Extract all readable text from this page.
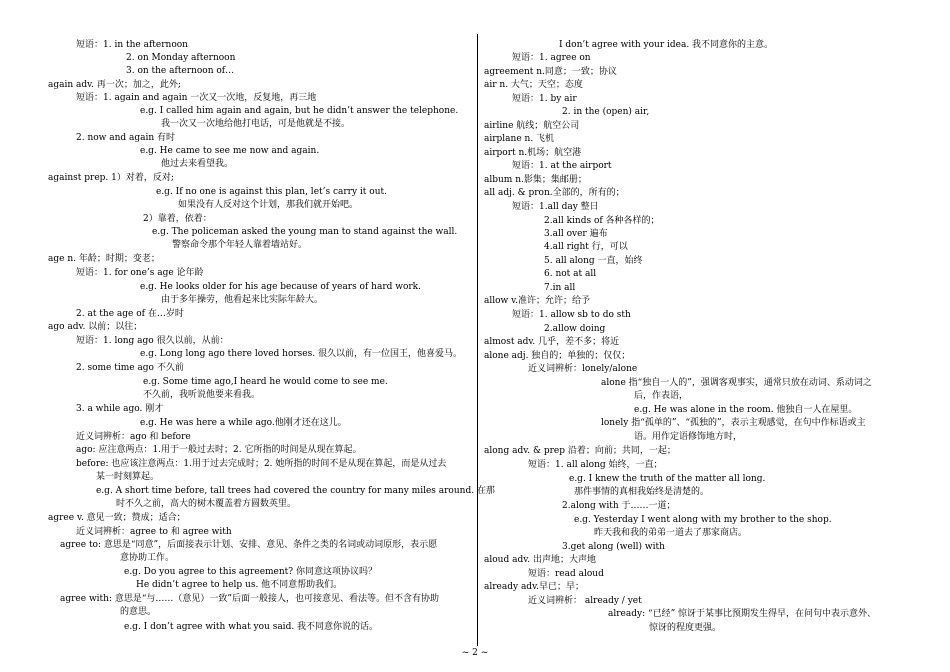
短语：1. in the afternoon
2. on Monday afternoon
3. on the afternoon of…
again adv. 再一次；加之，此外;
短语：1. again and again 一次又一次地，反复地，再三地
e.g. I called him again and again, but he didn’t answer the telephone.
我一次又一次地给他打电话，可是他就是不接。
2. now and again 有时
e.g. He came to see me now and again.
他过去来看望我。
against prep. 1）对着，反对;
e.g. If no one is against this plan, let’s carry it out.
如果没有人反对这个计划，那我们就开始吧。
2）靠着，依着：
e.g. The policeman asked the young man to stand against the wall.
警察命令那个年轻人靠着墙站好。
age n. 年龄；时期；变老；
短语：1. for one’s age 论年龄
e.g. He looks older for his age because of years of hard work.
由于多年操劳，他看起来比实际年龄大。
2. at the age of 在…岁时
ago adv. 以前；以往；
短语：1. long ago 很久以前，从前：
e.g. Long long ago there loved horses. 很久以前，有一位国王，他喜爱马。
2. some time ago 不久前
e.g. Some time ago,I heard he would come to see me.
不久前，我听说他要来看我。
3. a while ago. 刚才
e.g. He was here a while ago.他刚才还在这儿。
近义词辨析：ago 和 before
ago: 应注意两点：1.用于一般过去时；2. 它所指的时间是从现在算起。
before: 也应该注意两点：1.用于过去完成时；2. 她所指的时间不是从现在算起，而是从过去
某一时刻算起。
e.g. A short time before, tall trees had covered the country for many miles around. 在那
时不久之前，高大的树木覆盖着方圆数英里。
agree v. 意见一致；赞成；适合；
近义词辨析：agree to 和 agree with
agree to: 意思是“同意”，后面接表示计划、安排、意见、条件之类的名词或动词原形，表示愿
意协助工作。
e.g. Do you agree to this agreement? 你同意这项协议吗？
He didn’t agree to help us. 他不同意帮助我们。
agree with: 意思是“与……（意见）一致”后面一般接人，也可接意见、看法等。但不含有协助
的意思。
e.g. I don’t agree with what you said. 我不同意你说的话。
I don’t agree with your idea. 我不同意你的主意。
短语：1. agree on
agreement n.同意；一致；协议
air n. 大气；天空；态度
短语：1. by air
2. in the (open) air,
airline 航线；航空公司
airplane n. 飞机
airport n.机场；航空港
短语：1. at the airport
album n.影集；集邮册；
all adj. & pron.全部的，所有的；
短语：1.all day 整日
2.all kinds of 各种各样的；
3.all over 遍布
4.all right 行，可以
5. all along 一直，始终
6. not at all
7.in all
allow v.准许；允许；给予
短语：1. allow sb to do sth
2.allow doing
almost adv. 几乎，差不多；将近
alone adj. 独自的；单独的；仅仅；
近义词辨析：lonely/alone
alone 指“独自一人的”，强调客观事实，通常只放在动词、系动词之
后，作表语，
e.g. He was alone in the room. 他独自一人在屋里。
lonely 指“孤单的”、“孤独的”，表示主观感觉，在句中作标语或主
语。用作定语修饰地方时，
along adv. & prep 沿着；向前；共同，一起；
短语：1. all along 始终，一直；
e.g. I knew the truth of the matter all long.
那件事情的真相我始终是清楚的。
2.along with 于……一道；
e.g. Yesterday I went along with my brother to the shop.
昨天我和我的弟弟一道去了那家商店。
3.get along (well) with
aloud adv. 出声地；大声地
短语：read aloud
already adv.早已；早；
近义词辨析： already / yet
already: “已经” 惊讶于某事比预期发生得早，在问句中表示意外、
惊讶的程度更强。
~ 2 ~
